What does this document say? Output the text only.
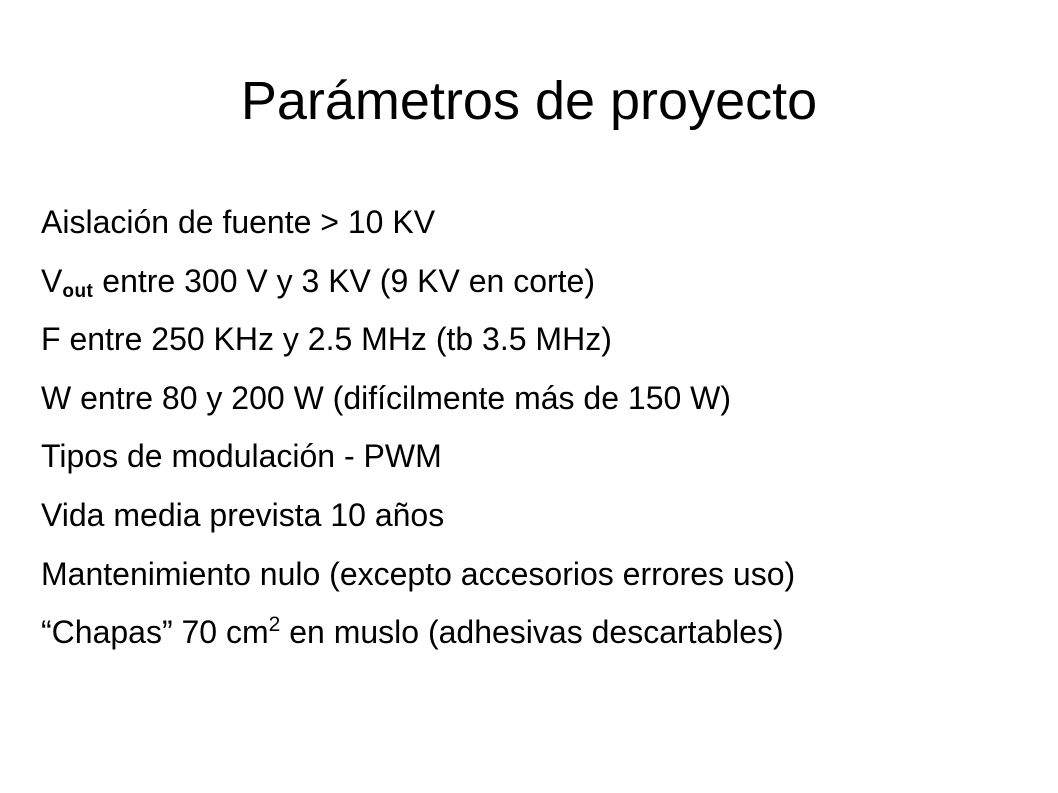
Parámetros de proyecto
Aislación de fuente > 10 KV
$V_{out}$ entre 300 V y 3 KV (9 KV en corte)
F entre 250 KHz y 2.5 MHz (tb 3.5 MHz)
W entre 80 y 200 W (difícilmente más de 150 W)
Tipos de modulación - PWM
Vida media prevista 10 años
Mantenimiento nulo (excepto accesorios errores uso)
“Chapas” 70 $cm^2$ en muslo (adhesivas descartables)
